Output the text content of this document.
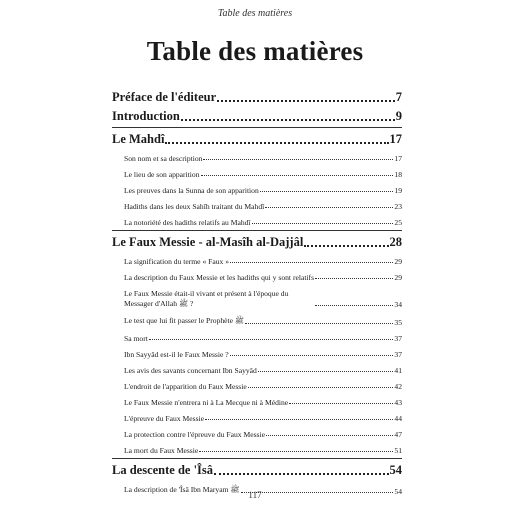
Table des matières
Table des matières
Préface de l'éditeur	7
Introduction	9
Le Mahdî	17
Son nom et sa description	17
Le lieu de son apparition	18
Les preuves dans la Sunna de son apparition	19
Hadiths dans les deux Sahîh traitant du Mahdî	23
La notoriété des hadiths relatifs au Mahdî	25
Le Faux Messie - al-Masîh al-Dajjâl	28
La signification du terme « Faux »	29
La description du Faux Messie et les hadiths qui y sont relatifs	29
Le Faux Messie était-il vivant et présent à l'époque du Messager d'Allah ﷺ ?	34
Le test que lui fit passer le Prophète ﷺ	35
Sa mort	37
Ibn Sayyâd est-il le Faux Messie ?	37
Les avis des savants concernant Ibn Sayyâd	41
L'endroit de l'apparition du Faux Messie	42
Le Faux Messie n'entrera ni à La Mecque ni à Médine	43
L'épreuve du Faux Messie	44
La protection contre l'épreuve du Faux Messie	47
La mort du Faux Messie	51
La descente de 'Îsâ	54
La description de 'Îsâ Ibn Maryam ﷺ	54
117
